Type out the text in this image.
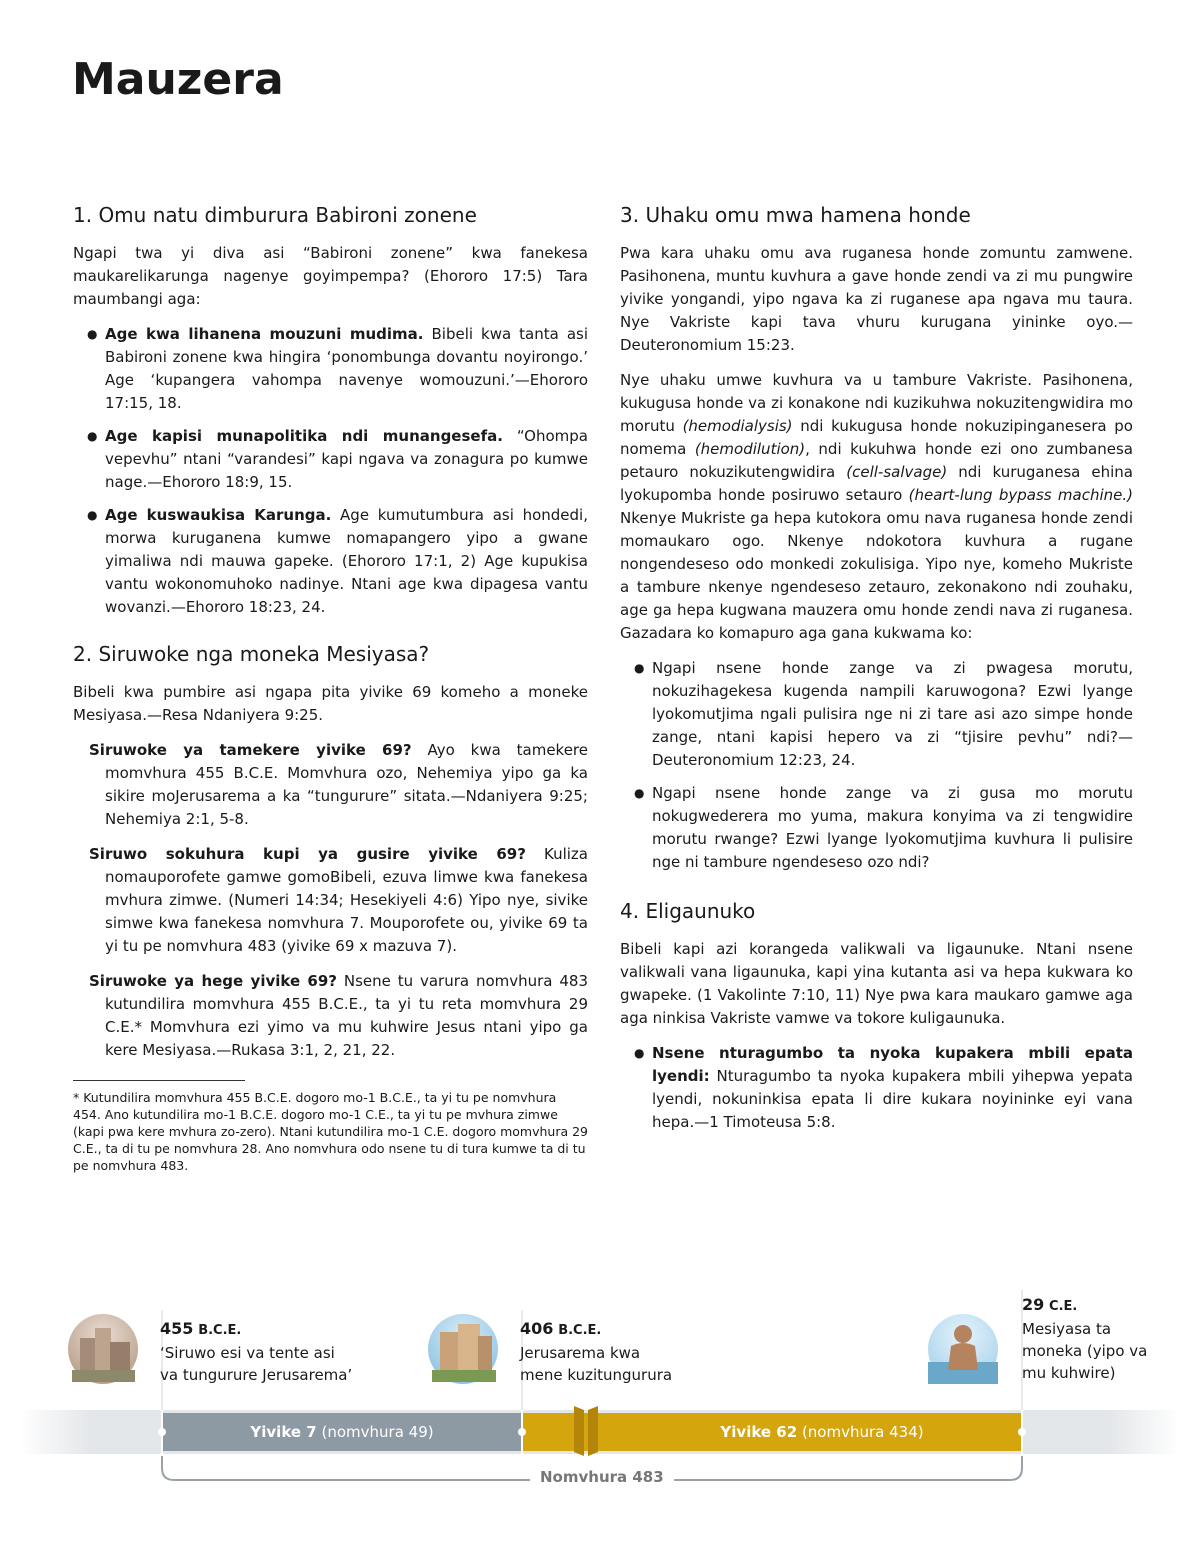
Mauzera
1. Omu natu dimburura Babironi zonene

Ngapi twa yi diva asi “Babironi zonene” kwa fanekesa maukarelikarunga nagenye goyimpempa? (Ehororo 17:5) Tara maumbangi aga:

● Age kwa lihanena mouzuni mudima. Bibeli kwa tanta asi Babironi zonene kwa hingira ‘ponombunga dovantu noyirongo.’ Age ‘kupangera vahompa navenye womouzuni.’—Ehororo 17:15, 18.
● Age kapisi munapolitika ndi munangesefa. “Ohompa vepevhu” ntani “varandesi” kapi ngava va zonagura po kumwe nage.—Ehororo 18:9, 15.
● Age kuswaukisa Karunga. Age kumutumbura asi hondedi, morwa kuruganena kumwe nomapangero yipo a gwane yimaliwa ndi mauwa gapeke. (Ehororo 17:1, 2) Age kupukisa vantu wokonomuhoko nadinye. Ntani age kwa dipagesa vantu wovanzi.—Ehororo 18:23, 24.
2. Siruwoke nga moneka Mesiyasa?

Bibeli kwa pumbire asi ngapa pita yivike 69 komeho a moneke Mesiyasa.—Resa Ndaniyera 9:25.

Siruwoke ya tamekere yivike 69? Ayo kwa tamekere momvhura 455 B.C.E. Momvhura ozo, Nehemiya yipo ga ka sikire moJerusarema a ka “tungurure” sitata.—Ndaniyera 9:25; Nehemiya 2:1, 5-8.

Siruwo sokuhura kupi ya gusire yivike 69? Kuliza nomauporofete gamwe gomoBibeli, ezuva limwe kwa fanekesa mvhura zimwe. (Numeri 14:34; Hesekiyeli 4:6) Yipo nye, sivike simwe kwa fanekesa nomvhura 7. Mouporofete ou, yivike 69 ta yi tu pe nomvhura 483 (yivike 69 x mazuva 7).

Siruwoke ya hege yivike 69? Nsene tu varura nomvhura 483 kutundilira momvhura 455 B.C.E., ta yi tu reta momvhura 29 C.E.* Momvhura ezi yimo va mu kuhwire Jesus ntani yipo ga kere Mesiyasa.—Rukasa 3:1, 2, 21, 22.

* Kutundilira momvhura 455 B.C.E. dogoro mo-1 B.C.E., ta yi tu pe nomvhura 454. Ano kutundilira mo-1 B.C.E. dogoro mo-1 C.E., ta yi tu pe mvhura zimwe (kapi pwa kere mvhura zo-zero). Ntani kutundilira mo-1 C.E. dogoro momvhura 29 C.E., ta di tu pe nomvhura 28. Ano nomvhura odo nsene tu di tura kumwe ta di tu pe nomvhura 483.

3. Uhaku omu mwa hamena honde

Pwa kara uhaku omu ava ruganesa honde zomuntu zamwene. Pasihonena, muntu kuvhura a gave honde zendi va zi mu pungwire yivike yongandi, yipo ngava ka zi ruganese apa ngava mu taura. Nye Vakriste kapi tava vhuru kurugana yininke oyo.—Deuteronomium 15:23.

Nye uhaku umwe kuvhura va u tambure Vakriste. Pasihonena, kukugusa honde va zi konakone ndi kuzikuhwa nokuzitengwidira mo morutu (hemodialysis) ndi kukugusa honde nokuzipinganesera po nomema (hemodilution), ndi kukuhwa honde ezi ono zumbanesa petauro nokuzikutengwidira (cell-salvage) ndi kuruganesa ehina lyokupomba honde posiruwo setauro (heart-lung bypass machine.) Nkenye Mukriste ga hepa kutokora omu nava ruganesa honde zendi momaukaro ogo. Nkenye ndokotora kuvhura a rugane nongendeseso odo monkedi zokulisiga. Yipo nye, komeho Mukriste a tambure nkenye ngendeseso zetauro, zekonakono ndi zouhaku, age ga hepa kugwana mauzera omu honde zendi nava zi ruganesa. Gazadara ko komapuro aga gana kukwama ko:

● Ngapi nsene honde zange va zi pwagesa morutu, nokuzihagekesa kugenda nampili karuwogona? Ezwi lyange lyokomutjima ngali pulisira nge ni zi tare asi azo simpe honde zange, ntani kapisi hepero va zi “tjisire pevhu” ndi?—Deuteronomium 12:23, 24.
● Ngapi nsene honde zange va zi gusa mo morutu nokugwederera mo yuma, makura konyima va zi tengwidire morutu rwange? Ezwi lyange lyokomutjima kuvhura li pulisire nge ni tambure ngendeseso ozo ndi?
4. Eligaunuko

Bibeli kapi azi korangeda valikwali va ligaunuke. Ntani nsene valikwali vana ligaunuka, kapi yina kutanta asi va hepa kukwara ko gwapeke. (1 Vakolinte 7:10, 11) Nye pwa kara maukaro gamwe aga aga ninkisa Vakriste vamwe va tokore kuligaunuka.

● Nsene nturagumbo ta nyoka kupakera mbili epata lyendi: Nturagumbo ta nyoka kupakera mbili yihepwa yepata lyendi, nokuninkisa epata li dire kukara noyininke eyi vana hepa.—1 Timoteusa 5:8.
455 B.C.E.
‘Siruwo esi va tente asi
va tungurure Jerusarema’
406 B.C.E.
Jerusarema kwa
mene kuzitungurura
29 C.E.
Mesiyasa ta
moneka (yipo va
mu kuhwire)
Yivike 7 (nomvhura 49)	Yivike 62 (nomvhura 434)
Nomvhura 483
